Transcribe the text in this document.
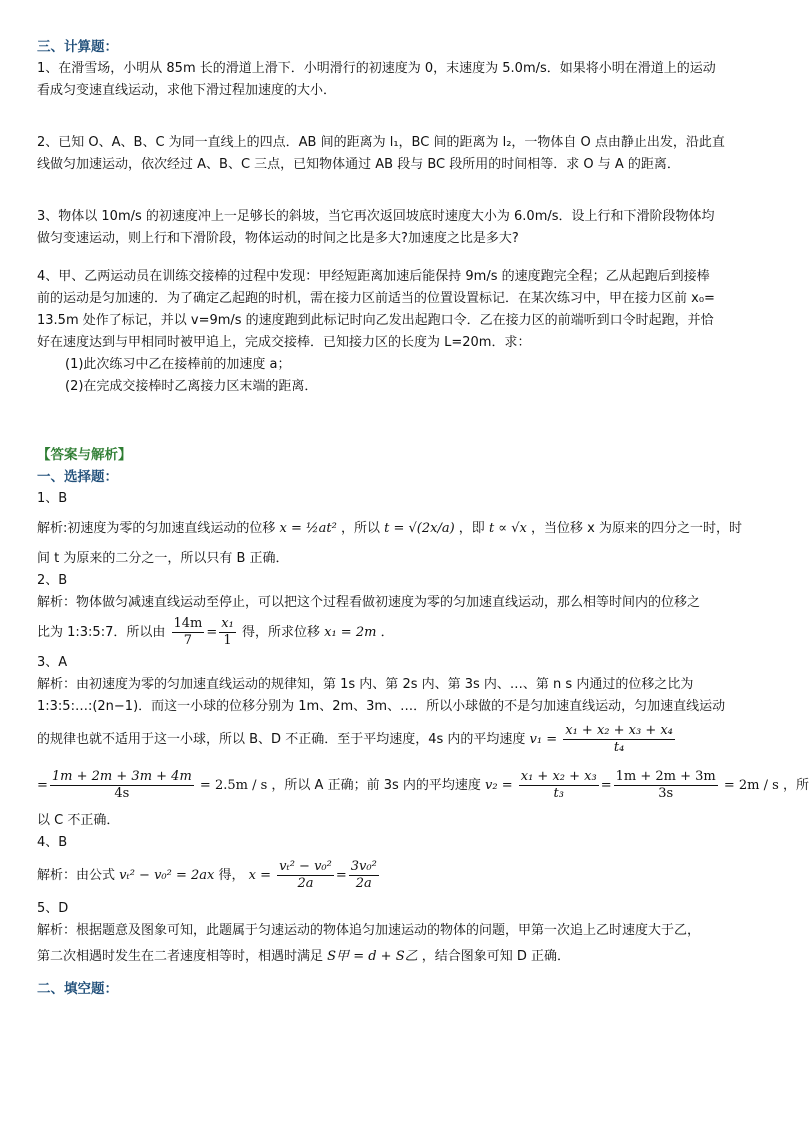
三、计算题：
1、在滑雪场，小明从 85m 长的滑道上滑下．小明滑行的初速度为 0，末速度为 5.0m/s．如果将小明在滑道上的运动
看成匀变速直线运动，求他下滑过程加速度的大小．
2、已知 O、A、B、C 为同一直线上的四点．AB 间的距离为 l₁，BC 间的距离为 l₂，一物体自 O 点由静止出发，沿此直
线做匀加速运动，依次经过 A、B、C 三点，已知物体通过 AB 段与 BC 段所用的时间相等．求 O 与 A 的距离．
3、物体以 10m/s 的初速度冲上一足够长的斜坡，当它再次返回坡底时速度大小为 6.0m/s．设上行和下滑阶段物体均
做匀变速运动，则上行和下滑阶段，物体运动的时间之比是多大?加速度之比是多大?
4、甲、乙两运动员在训练交接棒的过程中发现：甲经短距离加速后能保持 9m/s 的速度跑完全程；乙从起跑后到接棒
前的运动是匀加速的．为了确定乙起跑的时机，需在接力区前适当的位置设置标记．在某次练习中，甲在接力区前 x₀=
13.5m 处作了标记，并以 v=9m/s 的速度跑到此标记时向乙发出起跑口令．乙在接力区的前端听到口令时起跑，并恰
好在速度达到与甲相同时被甲追上，完成交接棒．已知接力区的长度为 L=20m．求：
(1)此次练习中乙在接棒前的加速度 a；
(2)在完成交接棒时乙离接力区末端的距离．
【答案与解析】
一、选择题：
1、B
解析:初速度为零的匀加速直线运动的位移 x = ½at² ，所以 t = √(2x/a) ，即 t ∝ √x ，当位移 x 为原来的四分之一时，时
间 t 为原来的二分之一，所以只有 B 正确．
2、B
解析：物体做匀减速直线运动至停止，可以把这个过程看做初速度为零的匀加速直线运动，那么相等时间内的位移之
比为 1:3:5:7．所以由 $\frac{14m}{7} = \frac{\text{x₁}}{1}$ 得，所求位移 x₁ = 2m ．
3、A
解析：由初速度为零的匀加速直线运动的规律知，第 1s 内、第 2s 内、第 3s 内、…、第 n s 内通过的位移之比为
1:3:5:…:(2n−1)．而这一小球的位移分别为 1m、2m、3m、…．所以小球做的不是匀加速直线运动，匀加速直线运动
的规律也就不适用于这一小球，所以 B、D 不正确．至于平均速度，4s 内的平均速度 $v_1 = \frac{\text{x₁ + x₂ + x₃ + x₄}}{\text{t₄}}$
= $\frac{1m + 2m + 3m + 4m}{4s} = 2.5m / s$ ，所以 A 正确；前 3s 内的平均速度 $v_2 = \frac{\text{x₁ + x₂ + x₃}}{\text{t₃}} = \frac{1m + 2m + 3m}{3s} = 2m / s$ ，所
以 C 不正确．
4、B
解析：由公式 vₜ² − v₀² = 2ax 得， $x = \frac{\text{vₜ² − v₀²}}{2a} = \frac{\text{3v₀²}}{2a}$
5、D
解析：根据题意及图象可知，此题属于匀速运动的物体追匀加速运动的物体的问题，甲第一次追上乙时速度大于乙，
第二次相遇时发生在二者速度相等时，相遇时满足 S甲 = d + S乙 ，结合图象可知 D 正确．
二、填空题：
